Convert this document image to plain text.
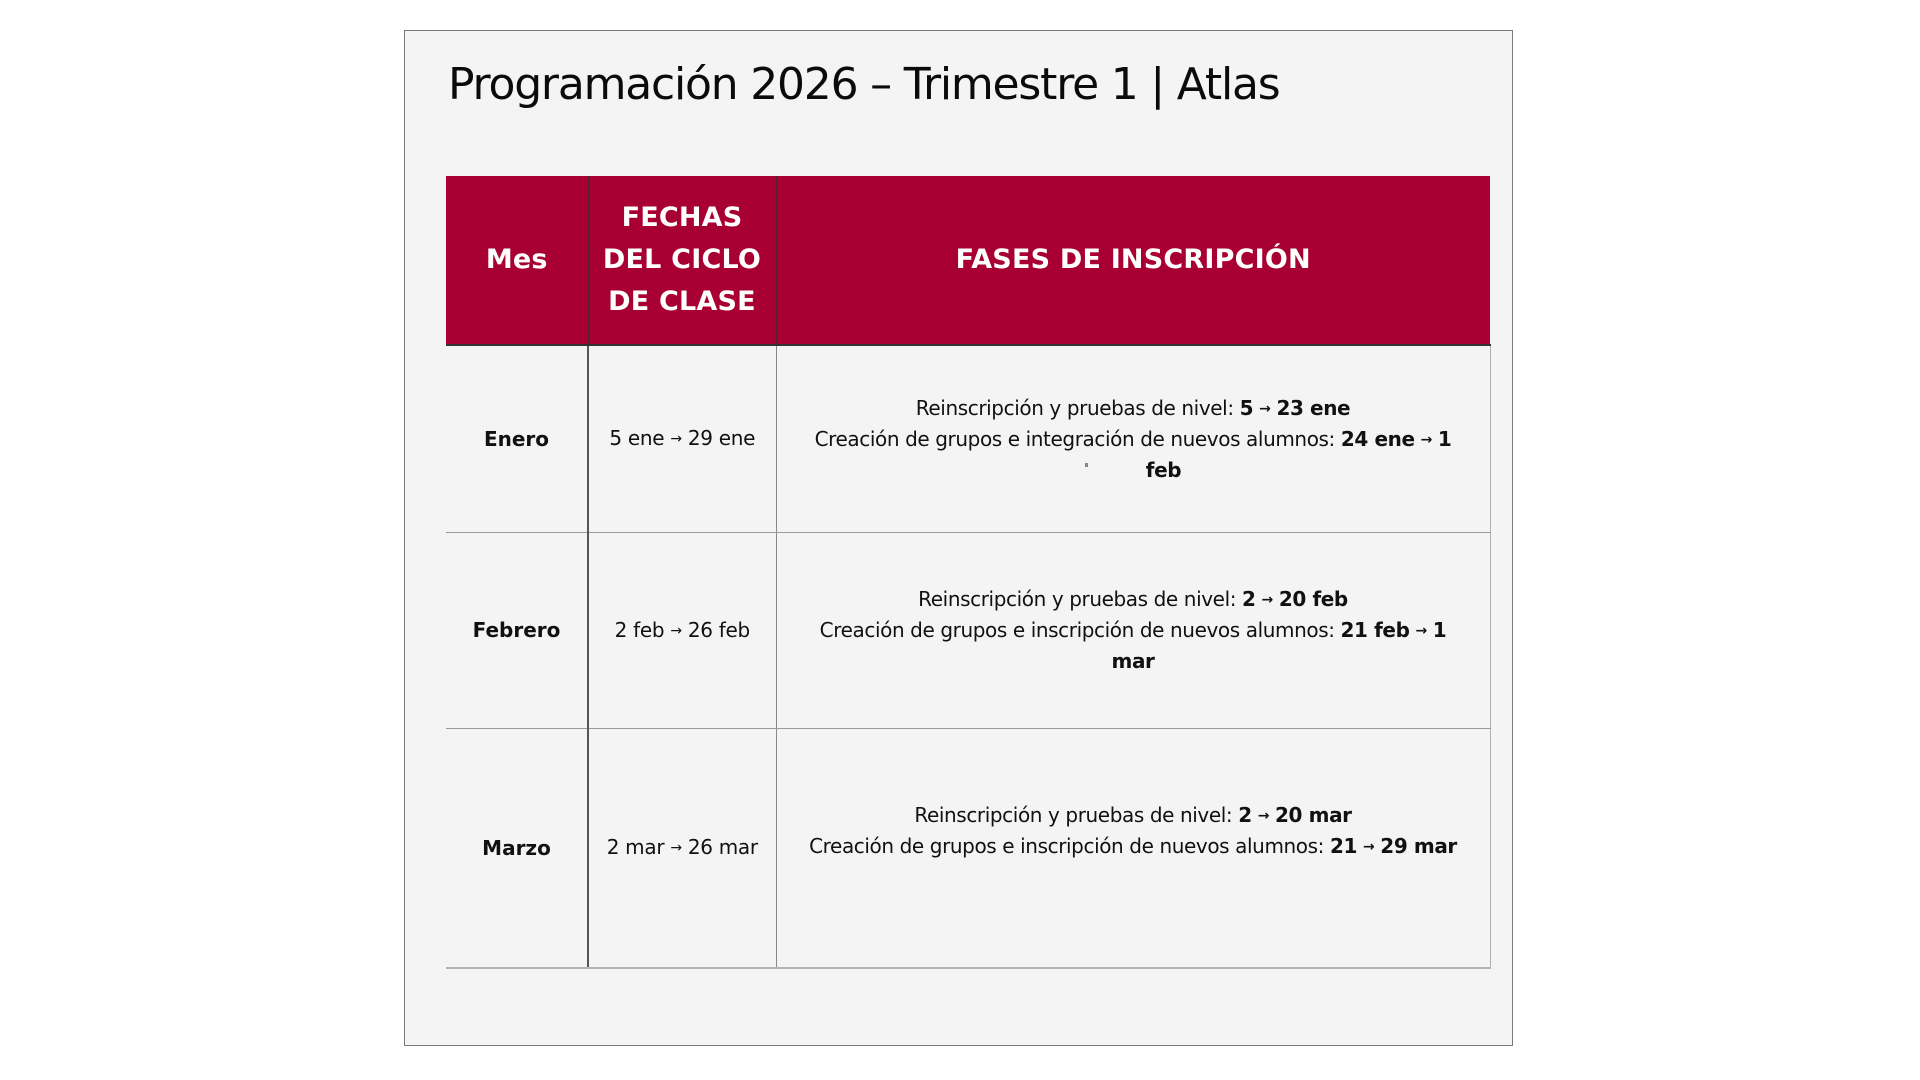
Programación 2026 – Trimestre 1 | Atlas
Mes	FECHAS
DEL CICLO
DE CLASE	FASES DE INSCRIPCIÓN
Enero	5 ene → 29 ene	Reinscripción y pruebas de nivel: 5 → 23 ene
Creación de grupos e integración de nuevos alumnos: 24 ene → 1
feb

Febrero	2 feb → 26 feb	Reinscripción y pruebas de nivel: 2 → 20 feb
Creación de grupos e inscripción de nuevos alumnos: 21 feb → 1
mar

Marzo	2 mar → 26 mar	Reinscripción y pruebas de nivel: 2 → 20 mar
Creación de grupos e inscripción de nuevos alumnos: 21 → 29 mar
